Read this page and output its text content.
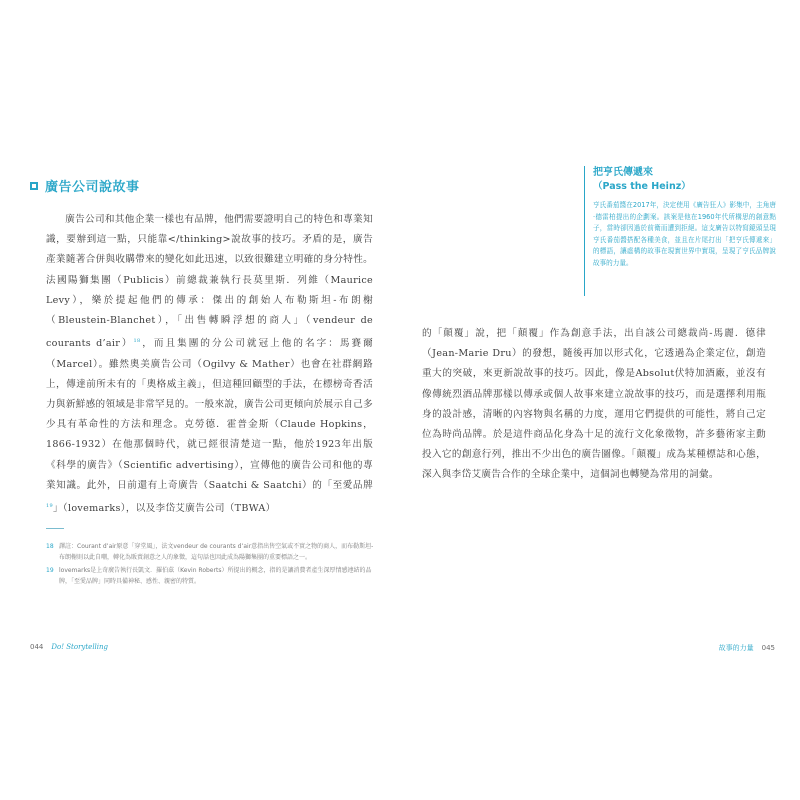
廣告公司說故事

廣告公司和其他企業一樣也有品牌，他們需要證明自己的特色和專業知識，要辦到這一點，只能靠</thinking>說故事的技巧。矛盾的是，廣告產業隨著合併與收購帶來的變化如此迅速，以致很難建立明確的身分特性。法國陽獅集團（Publicis）前總裁兼執行長莫里斯．列維（Maurice Levy），樂於提起他們的傳承：傑出的創始人布勒斯坦-布朗榭（Bleustein-Blanchet），「出售轉瞬浮想的商人」（vendeur de courants d’air）$^{18}$，而且集團的分公司就冠上他的名字：馬賽爾（Marcel）。雖然奧美廣告公司（Ogilvy & Mather）也會在社群網路上，傳達前所未有的「奧格威主義」，但這種回顧型的手法，在標榜奇香活力與新鮮感的領域是非常罕見的。一般來說，廣告公司更傾向於展示自己多少具有革命性的方法和理念。克勞德．霍普金斯（Claude Hopkins，1866-1932）在他那個時代，就已經很清楚這一點，他於1923年出版《科學的廣告》（Scientific advertising），宣傳他的廣告公司和他的專業知識。此外，日前還有上奇廣告（Saatchi & Saatchi）的「至愛品牌$^{19}$」（lovemarks），以及李岱艾廣告公司（TBWA）

18 譯註：Courant d’air原意「穿堂風」，法文vendeur de courants d’air意指出售空氣或不實之物的商人，而布勒斯坦-布朗榭則以此自嘲，轉化為販賣創意之人的象徵，這句話也因此成為陽獅集團的重要標語之一。
19 lovemarks是上奇廣告執行長凱文．羅伯茲（Kevin Roberts）所提出的概念，指的是讓消費者產生深厚情感連結的品牌，「至愛品牌」同時具備神秘、感性、親密的特質。
044 Do! Storytelling
把亨氏傳遞來
（Pass the Heinz）
亨氏番茄醬在2017年，決定使用《廣告狂人》影集中，主角唐·德雷柏提出的企劃案。該案是他在1960年代所構思的創意點子，當時卻因過於前衛而遭到拒絕。這支廣告以特寫鏡頭呈現亨氏番茄醬搭配各種美食，並且在片尾打出「把亨氏傳遞來」的標語，讓虛構的故事在現實世界中實現，呈現了亨氏品牌說故事的力量。

的「顛覆」說，把「顛覆」作為創意手法，出自該公司總裁尚-馬麗．德律（Jean-Marie Dru）的發想，隨後再加以形式化，它透過為企業定位，創造重大的突破，來更新說故事的技巧。因此，像是Absolut伏特加酒廠，並沒有像傳統烈酒品牌那樣以傳承或個人故事來建立說故事的技巧，而是選擇利用瓶身的設計感，清晰的內容物與名稱的力度，運用它們提供的可能性，將自己定位為時尚品牌。於是這件商品化身為十足的流行文化象徵物，許多藝術家主動投入它的創意行列，推出不少出色的廣告圖像。「顛覆」成為某種標誌和心態，深入與李岱艾廣告合作的全球企業中，這個詞也轉變為常用的詞彙。

故事的力量 045
